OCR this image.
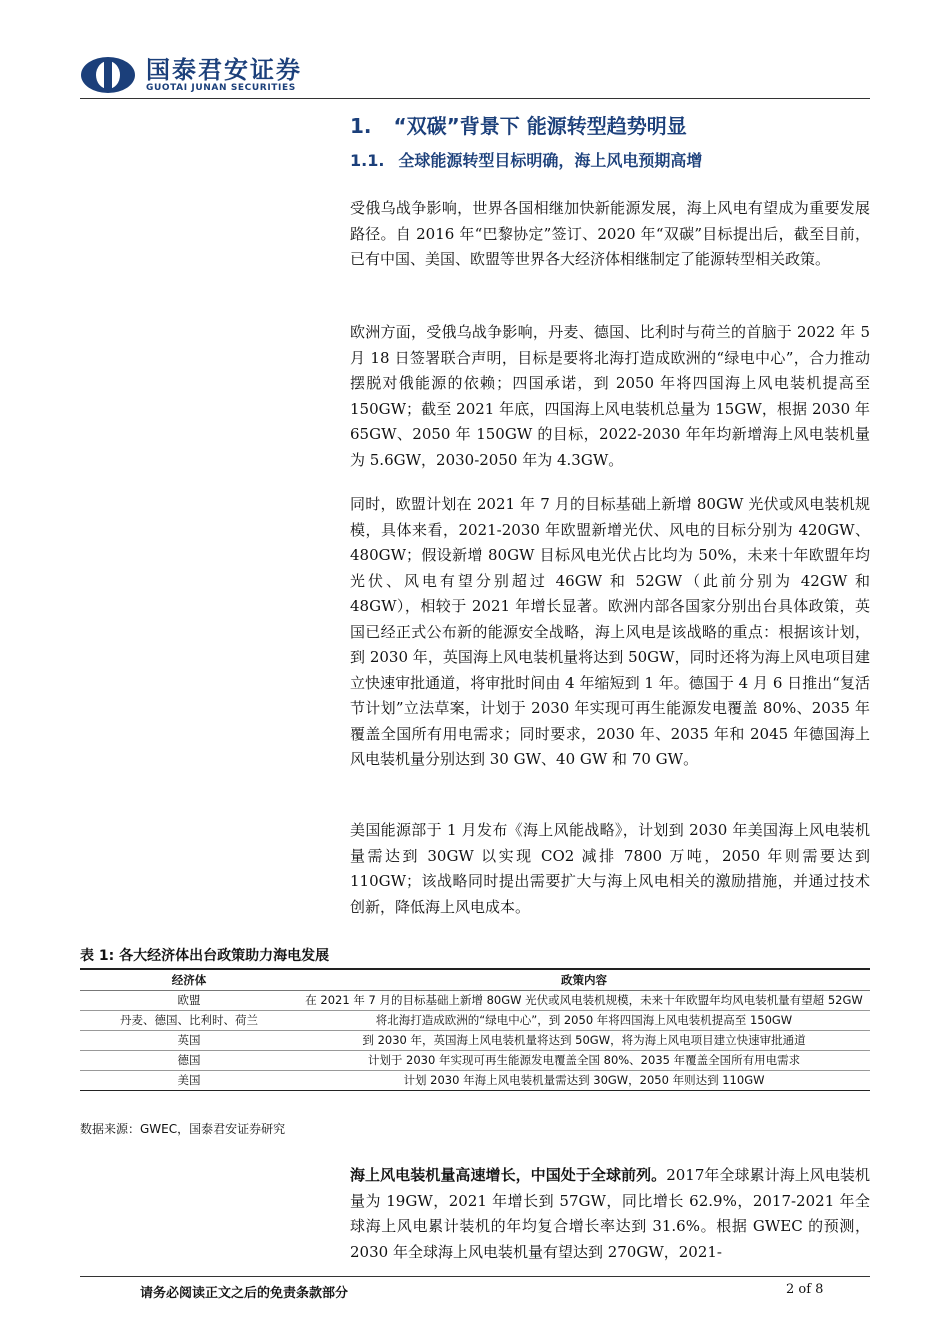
国泰君安证券
GUOTAI JUNAN SECURITIES
1. “双碳”背景下 能源转型趋势明显
1.1. 全球能源转型目标明确，海上风电预期高增
受俄乌战争影响，世界各国相继加快新能源发展，海上风电有望成为重要发展路径。自 2016 年“巴黎协定”签订、2020 年“双碳”目标提出后，截至目前，已有中国、美国、欧盟等世界各大经济体相继制定了能源转型相关政策。
欧洲方面，受俄乌战争影响，丹麦、德国、比利时与荷兰的首脑于 2022 年 5 月 18 日签署联合声明，目标是要将北海打造成欧洲的“绿电中心”，合力推动摆脱对俄能源的依赖；四国承诺，到 2050 年将四国海上风电装机提高至 150GW；截至 2021 年底，四国海上风电装机总量为 15GW，根据 2030 年 65GW、2050 年 150GW 的目标，2022-2030 年年均新增海上风电装机量为 5.6GW，2030-2050 年为 4.3GW。
同时，欧盟计划在 2021 年 7 月的目标基础上新增 80GW 光伏或风电装机规模，具体来看，2021-2030 年欧盟新增光伏、风电的目标分别为 420GW、480GW；假设新增 80GW 目标风电光伏占比均为 50%，未来十年欧盟年均光伏、风电有望分别超过 46GW 和 52GW（此前分别为 42GW 和 48GW），相较于 2021 年增长显著。欧洲内部各国家分别出台具体政策，英国已经正式公布新的能源安全战略，海上风电是该战略的重点：根据该计划，到 2030 年，英国海上风电装机量将达到 50GW，同时还将为海上风电项目建立快速审批通道，将审批时间由 4 年缩短到 1 年。德国于 4 月 6 日推出“复活节计划”立法草案，计划于 2030 年实现可再生能源发电覆盖 80%、2035 年覆盖全国所有用电需求；同时要求，2030 年、2035 年和 2045 年德国海上风电装机量分别达到 30 GW、40 GW 和 70 GW。
美国能源部于 1 月发布《海上风能战略》，计划到 2030 年美国海上风电装机量需达到 30GW 以实现 CO2 减排 7800 万吨，2050 年则需要达到 110GW；该战略同时提出需要扩大与海上风电相关的激励措施，并通过技术创新，降低海上风电成本。
表 1: 各大经济体出台政策助力海电发展
经济体	政策内容
欧盟	在 2021 年 7 月的目标基础上新增 80GW 光伏或风电装机规模，未来十年欧盟年均风电装机量有望超 52GW
丹麦、德国、比利时、荷兰	将北海打造成欧洲的“绿电中心”，到 2050 年将四国海上风电装机提高至 150GW
英国	到 2030 年，英国海上风电装机量将达到 50GW，将为海上风电项目建立快速审批通道
德国	计划于 2030 年实现可再生能源发电覆盖全国 80%、2035 年覆盖全国所有用电需求
美国	计划 2030 年海上风电装机量需达到 30GW，2050 年则达到 110GW
数据来源：GWEC，国泰君安证券研究
海上风电装机量高速增长，中国处于全球前列。2017年全球累计海上风电装机量为 19GW，2021 年增长到 57GW，同比增长 62.9%，2017-2021 年全球海上风电累计装机的年均复合增长率达到 31.6%。根据 GWEC 的预测，2030 年全球海上风电装机量有望达到 270GW，2021-
请务必阅读正文之后的免责条款部分	2 of 8
